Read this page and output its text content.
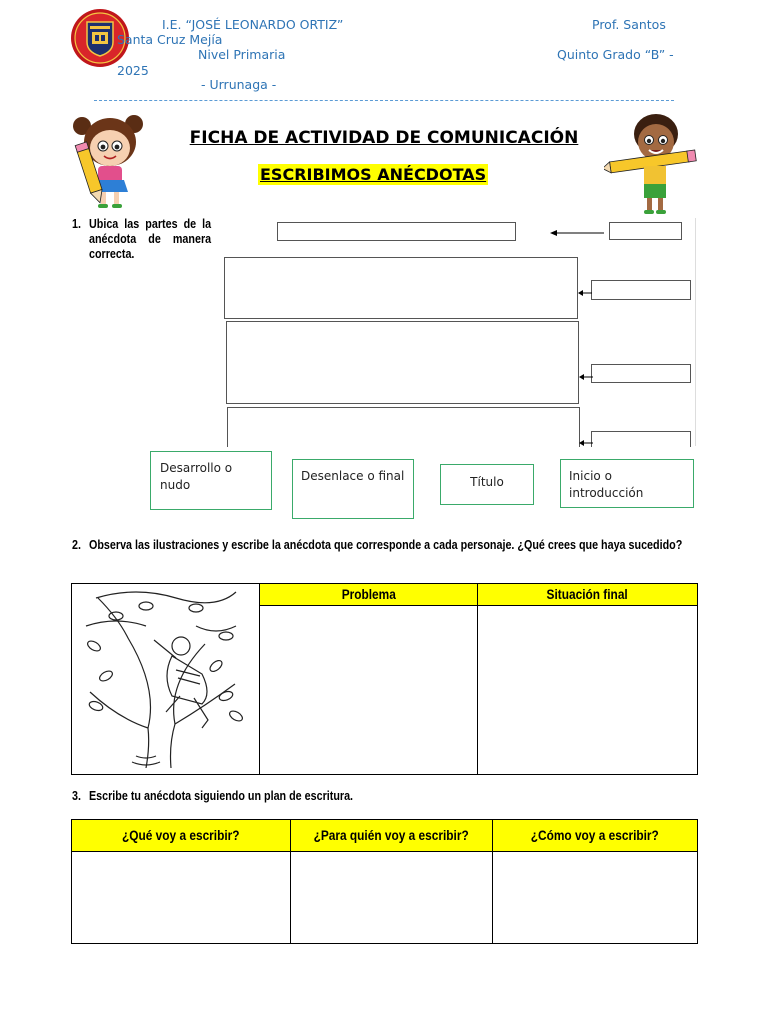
I.E. “JOSÉ LEONARDO ORTIZ”	Prof. Santos
Santa Cruz Mejía
Nivel Primaria	Quinto Grado “B” -
2025
- Urrunaga -
FICHA DE ACTIVIDAD DE COMUNICACIÓN
ESCRIBIMOS ANÉCDOTAS
1. Ubica las partes de la
anécdota de manera
correcta.
Desarrollo o nudo
Desenlace o final	Título	Inicio o introducción
2. Observa las ilustraciones y escribe la anécdota que corresponde a cada personaje. ¿Qué crees que haya sucedido?
	Problema	Situación final

3. Escribe tu anécdota siguiendo un plan de escritura.
¿Qué voy a escribir?	¿Para quién voy a escribir?	¿Cómo voy a escribir?
